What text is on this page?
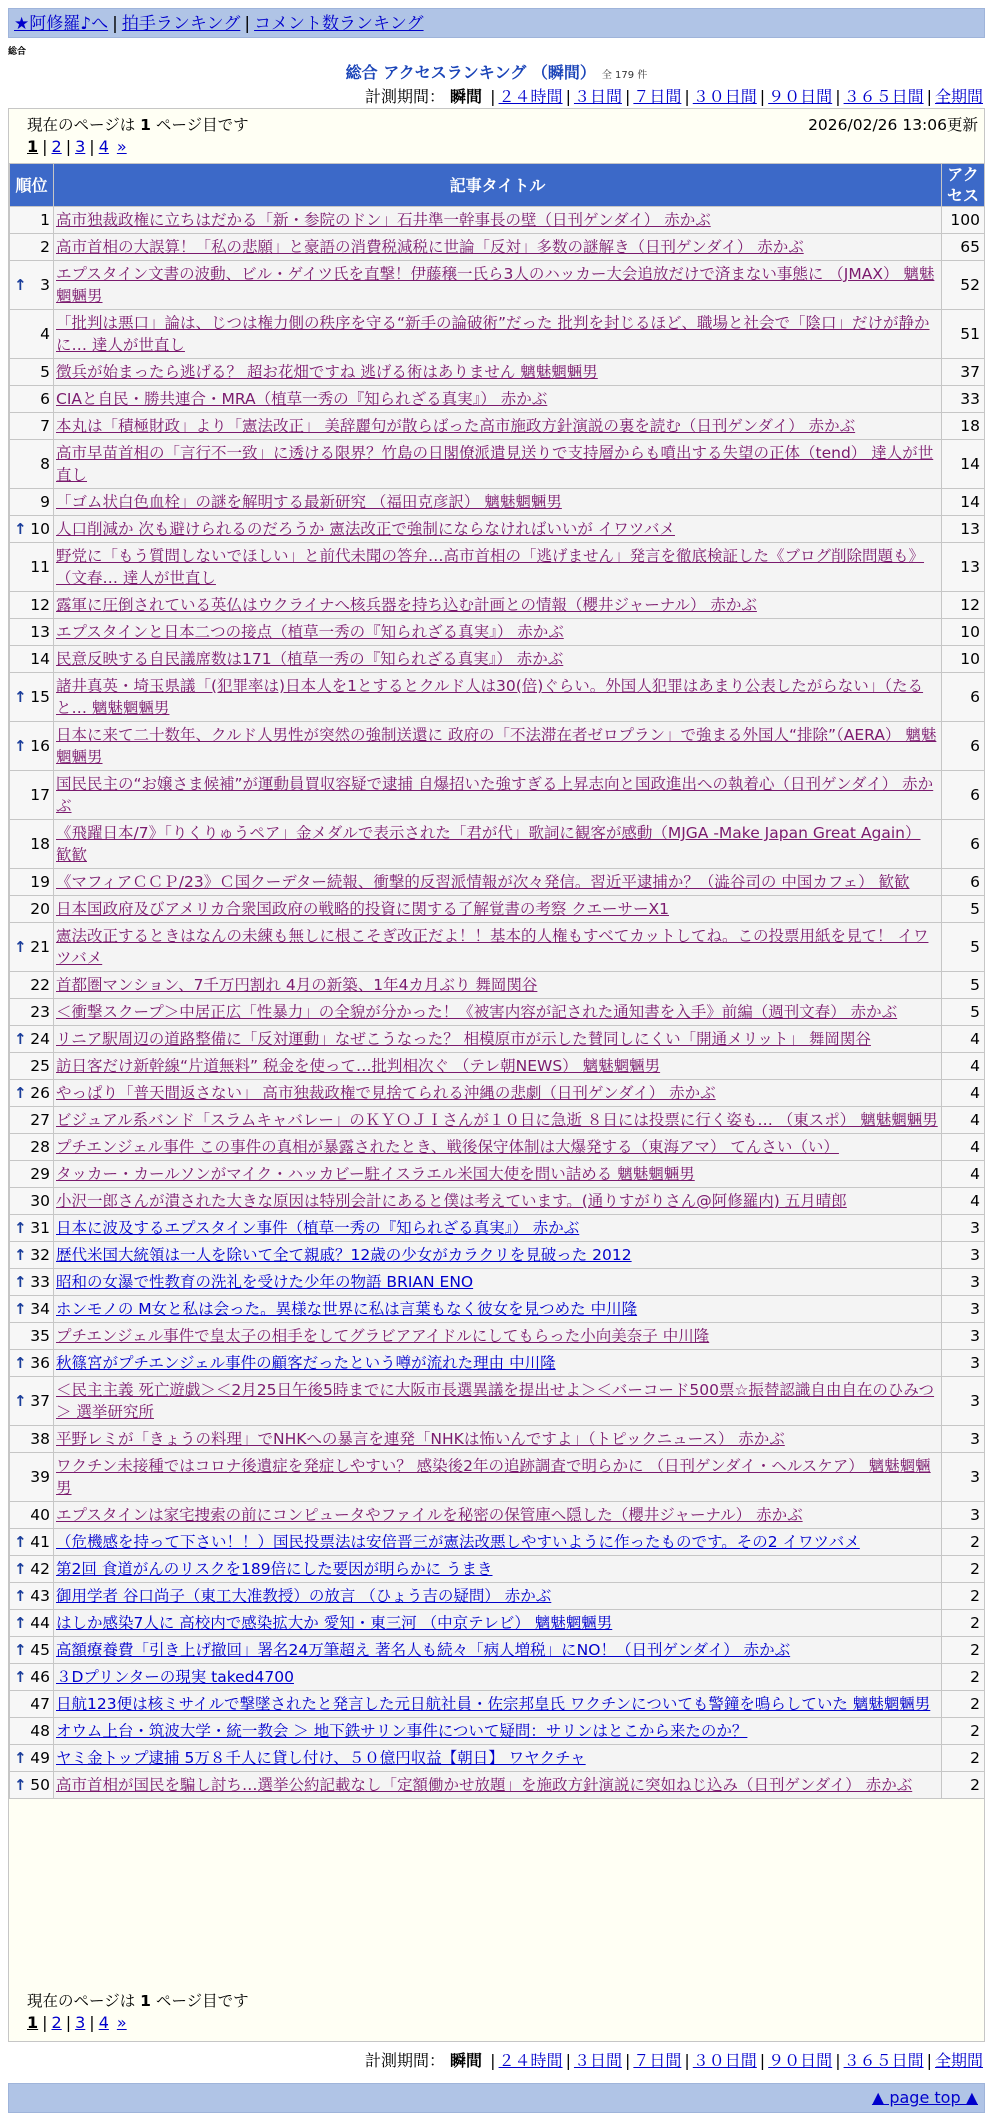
★阿修羅♪へ | 拍手ランキング | コメント数ランキング
総合
総合 アクセスランキング （瞬間） 全 179 件
計測期間： 瞬間 | ２４時間 | ３日間 | ７日間 | ３０日間 | ９０日間 | ３６５日間 | 全期間
現在のページは 1 ページ目です	2026/02/26 13:06更新
1 | 2 | 3 | 4 »
順位	記事タイトル	アクセス
1	高市独裁政権に立ちはだかる「新・参院のドン」石井準一幹事長の壁（日刊ゲンダイ） 赤かぶ	100
2	高市首相の大誤算！「私の悲願」と豪語の消費税減税に世論「反対」多数の謎解き（日刊ゲンダイ） 赤かぶ	65

↑ 3	エプスタイン文書の波動、ビル・ゲイツ氏を直撃！伊藤穣一氏ら3人のハッカー大会追放だけで済まない事態に （JMAX） 魑魅魍魎男	52
4	「批判は悪口」論は、じつは権力側の秩序を守る“新手の論破術”だった 批判を封じるほど、職場と社会で「陰口」だけが静かに… 達人が世直し	51
5	徴兵が始まったら逃げる？ 超お花畑ですね 逃げる術はありません 魑魅魍魎男	37
6	CIAと自民・勝共連合・MRA（植草一秀の『知られざる真実』） 赤かぶ	33
7	本丸は「積極財政」より「憲法改正」 美辞麗句が散らばった高市施政方針演説の裏を読む（日刊ゲンダイ） 赤かぶ	18
8	高市早苗首相の「言行不一致」に透ける限界？竹島の日閣僚派遣見送りで支持層からも噴出する失望の正体（tend） 達人が世直し	14
9	「ゴム状白色血栓」の謎を解明する最新研究 （福田克彦訳） 魑魅魍魎男	14

↑ 10	人口削減か 次も避けられるのだろうか 憲法改正で強制にならなければいいが イワツバメ	13
11	野党に「もう質問しないでほしい」と前代未聞の答弁…高市首相の「逃げません」発言を徹底検証した《ブログ削除問題も》（文春… 達人が世直し	13
12	露軍に圧倒されている英仏はウクライナへ核兵器を持ち込む計画との情報（櫻井ジャーナル） 赤かぶ	12
13	エプスタインと日本二つの接点（植草一秀の『知られざる真実』） 赤かぶ	10
14	民意反映する自民議席数は171（植草一秀の『知られざる真実』） 赤かぶ	10

↑ 15	諸井真英・埼玉県議「(犯罪率は)日本人を1とするとクルド人は30(倍)ぐらい。外国人犯罪はあまり公表したがらない」（たると… 魑魅魍魎男	6

↑ 16	日本に来て二十数年、クルド人男性が突然の強制送還に 政府の「不法滞在者ゼロプラン」で強まる外国人“排除”（AERA） 魑魅魍魎男	6
17	国民民主の“お嬢さま候補”が運動員買収容疑で逮捕 自爆招いた強すぎる上昇志向と国政進出への執着心（日刊ゲンダイ） 赤かぶ	6
18	《飛躍日本/7》「りくりゅうペア」金メダルで表示された「君が代」歌詞に観客が感動（MJGA -Make Japan Great Again） 歓歓	6
19	《マフィアＣＣＰ/23》Ｃ国クーデター続報、衝撃的反習派情報が次々発信。習近平逮捕か？（澁谷司の 中国カフェ） 歓歓	6
20	日本国政府及びアメリカ合衆国政府の戦略的投資に関する了解覚書の考察 クエーサーX1	5

↑ 21	憲法改正するときはなんの未練も無しに根こそぎ改正だよ！！基本的人権もすべてカットしてね。この投票用紙を見て！ イワツバメ	5
22	首都圏マンション、7千万円割れ 4月の新築、1年4カ月ぶり 舞岡関谷	5
23	＜衝撃スクープ＞中居正広「性暴力」の全貌が分かった！《被害内容が記された通知書を入手》前編（週刊文春） 赤かぶ	5

↑ 24	リニア駅周辺の道路整備に「反対運動」なぜこうなった？ 相模原市が示した賛同しにくい「開通メリット」 舞岡関谷	4
25	訪日客だけ新幹線“片道無料” 税金を使って…批判相次ぐ （テレ朝NEWS） 魑魅魍魎男	4

↑ 26	やっぱり「普天間返さない」 高市独裁政権で見捨てられる沖縄の悲劇（日刊ゲンダイ） 赤かぶ	4
27	ビジュアル系バンド「スラムキャバレー」のＫＹＯＪＩさんが１０日に急逝 ８日には投票に行く姿も… （東スポ） 魑魅魍魎男	4
28	プチエンジェル事件 この事件の真相が暴露されたとき、戦後保守体制は大爆発する（東海アマ） てんさい（い）	4
29	タッカー・カールソンがマイク・ハッカビー駐イスラエル米国大使を問い詰める 魑魅魍魎男	4
30	小沢一郎さんが潰された大きな原因は特別会計にあると僕は考えています。(通りすがりさん@阿修羅内) 五月晴郎	4

↑ 31	日本に波及するエプスタイン事件（植草一秀の『知られざる真実』） 赤かぶ	3

↑ 32	歴代米国大統領は一人を除いて全て親戚？12歳の少女がカラクリを見破った 2012	3

↑ 33	昭和の女瀑で性教育の洗礼を受けた少年の物語 BRIAN ENO	3

↑ 34	ホンモノの M女と私は会った。異様な世界に私は言葉もなく彼女を見つめた 中川隆	3
35	プチエンジェル事件で皇太子の相手をしてグラビアアイドルにしてもらった小向美奈子 中川隆	3

↑ 36	秋篠宮がプチエンジェル事件の顧客だったという噂が流れた理由 中川隆	3

↑ 37	＜民主主義 死亡遊戯＞＜2月25日午後5時までに大阪市長選異議を提出せよ＞＜バーコード500票☆振替認識自由自在のひみつ＞ 選挙研究所	3
38	平野レミが「きょうの料理」でNHKへの暴言を連発「NHKは怖いんですよ」（トピックニュース） 赤かぶ	3
39	ワクチン未接種ではコロナ後遺症を発症しやすい？ 感染後2年の追跡調査で明らかに （日刊ゲンダイ・ヘルスケア） 魑魅魍魎男	3
40	エプスタインは家宅捜索の前にコンピュータやファイルを秘密の保管庫へ隠した（櫻井ジャーナル） 赤かぶ	3

↑ 41	（危機感を持って下さい！！）国民投票法は安倍晋三が憲法改悪しやすいように作ったものです。その2 イワツバメ	2

↑ 42	第2回 食道がんのリスクを189倍にした要因が明らかに うまき	2

↑ 43	御用学者 谷口尚子（東工大准教授）の放言 （ひょう吉の疑問） 赤かぶ	2

↑ 44	はしか感染7人に 高校内で感染拡大か 愛知・東三河 （中京テレビ） 魑魅魍魎男	2

↑ 45	高額療養費「引き上げ撤回」署名24万筆超え 著名人も続々「病人増税」にNO！（日刊ゲンダイ） 赤かぶ	2

↑ 46	３Dプリンターの現実 taked4700	2
47	日航123便は核ミサイルで撃墜されたと発言した元日航社員・佐宗邦皇氏 ワクチンについても警鐘を鳴らしていた 魑魅魍魎男	2
48	オウム上台・筑波大学・統一教会 ＞ 地下鉄サリン事件について疑問：サリンはとこから来たのか？	2

↑ 49	ヤミ金トップ逮捕 5万８千人に貸し付け、５０億円収益【朝日】 ワヤクチャ	2

↑ 50	高市首相が国民を騙し討ち…選挙公約記載なし「定額働かせ放題」を施政方針演説に突如ねじ込み（日刊ゲンダイ） 赤かぶ	2
現在のページは 1 ページ目です
1 | 2 | 3 | 4 »
計測期間： 瞬間 | ２４時間 | ３日間 | ７日間 | ３０日間 | ９０日間 | ３６５日間 | 全期間
▲ page top ▲
